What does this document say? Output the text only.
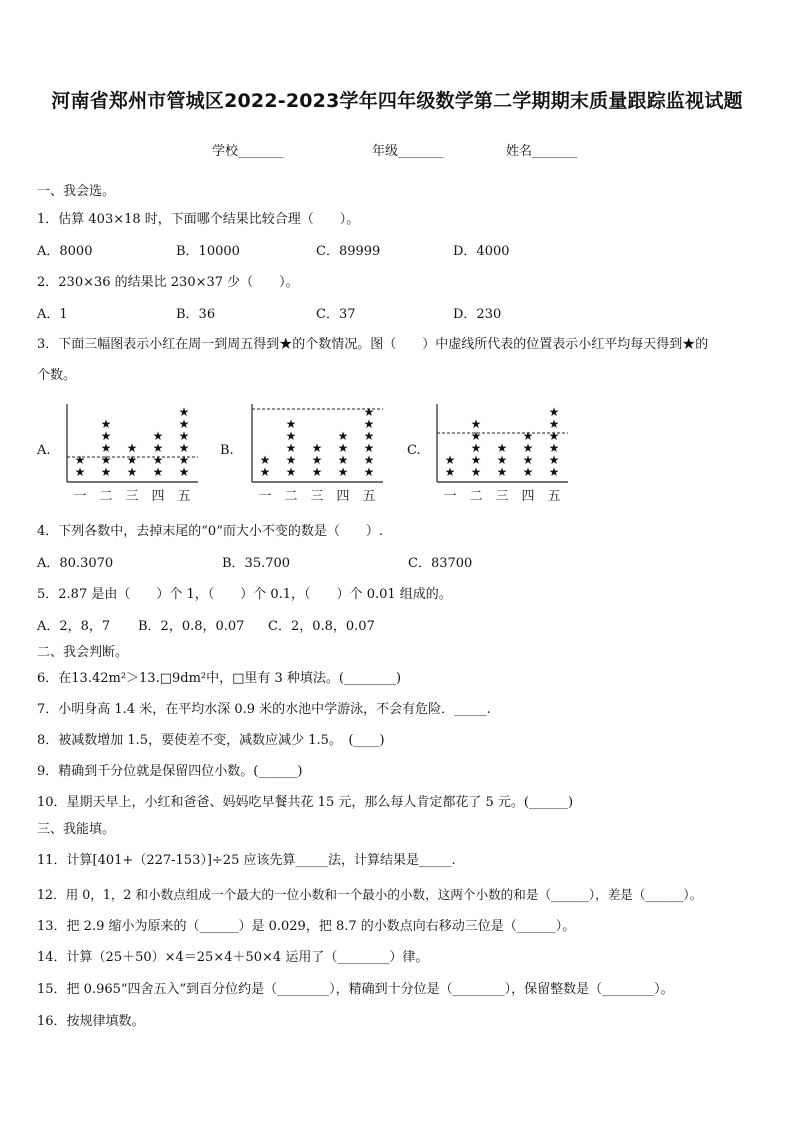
河南省郑州市管城区2022-2023学年四年级数学第二学期期末质量跟踪监视试题
学校_______	年级_______	姓名_______
一、我会选。
1．估算 403×18 时，下面哪个结果比较合理（　　）。
A．8000	B．10000	C．89999	D．4000
2．230×36 的结果比 230×37 少（　　）。
A．1	B．36	C．37	D．230
3．下面三幅图表示小红在周一到周五得到★的个数情况。图（　　）中虚线所代表的位置表示小红平均每天得到★的
个数。
A.
★
★
一
★
★
★
★
★
二
★
★
★
三
★
★
★
★
四
★
★
★
★
★
★
五
B.
★
★
一
★
★
★
★
★
二
★
★
★
三
★
★
★
★
四
★
★
★
★
★
★
五
C.
★
★
一
★
★
★
★
★
二
★
★
★
三
★
★
★
★
四
★
★
★
★
★
★
五
4．下列各数中，去掉末尾的“0”而大小不变的数是（　　）.
A．80.3070	B．35.700	C．83700
5．2.87 是由（　　）个 1，（　　）个 0.1，（　　）个 0.01 组成的。
A．2，8，7 B．2，0.8，0.07 C．2，0.8，0.07
二、我会判断。
6．在13.42m²＞13.□9dm²中，□里有 3 种填法。(________)
7．小明身高 1.4 米，在平均水深 0.9 米的水池中学游泳，不会有危险．_____.
8．被减数增加 1.5，要使差不变，减数应减少 1.5。　(____)
9．精确到千分位就是保留四位小数。(______)
10．星期天早上，小红和爸爸、妈妈吃早餐共花 15 元，那么每人肯定都花了 5 元。(______)
三、我能填。
11．计算[401+（227-153）]÷25 应该先算_____法，计算结果是_____.
12．用 0，1，2 和小数点组成一个最大的一位小数和一个最小的小数，这两个小数的和是（______），差是（______）。
13．把 2.9 缩小为原来的（______）是 0.029，把 8.7 的小数点向右移动三位是（______）。
14．计算（25＋50）×4＝25×4＋50×4 运用了（________）律。
15．把 0.965“四舍五入”到百分位约是（________），精确到十分位是（________），保留整数是（________）。
16．按规律填数。
